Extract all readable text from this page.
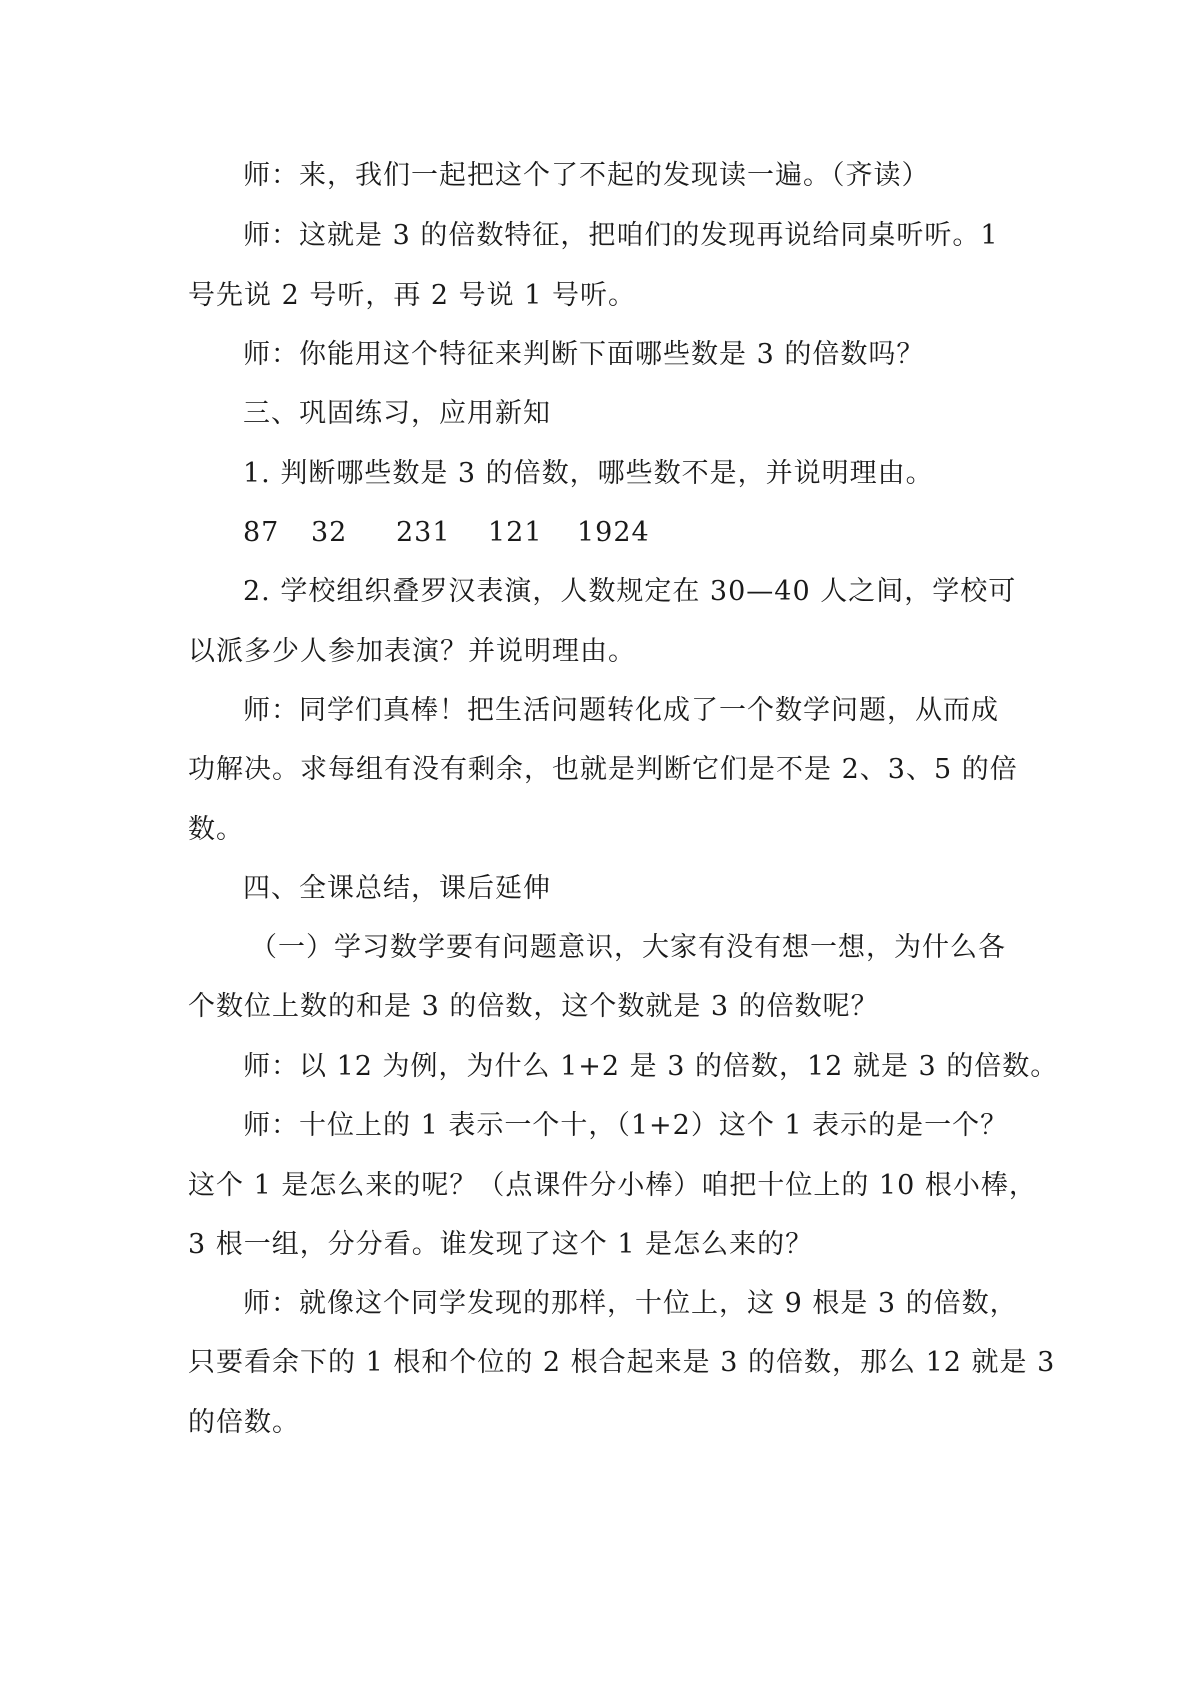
师：来，我们一起把这个了不起的发现读一遍。（齐读）
师：这就是 3 的倍数特征，把咱们的发现再说给同桌听听。1
号先说 2 号听，再 2 号说 1 号听。
师：你能用这个特征来判断下面哪些数是 3 的倍数吗？
三、巩固练习，应用新知
1. 判断哪些数是 3 的倍数，哪些数不是，并说明理由。
87 32 231 121 1924
2. 学校组织叠罗汉表演，人数规定在 30—40 人之间，学校可
以派多少人参加表演？并说明理由。
师：同学们真棒！把生活问题转化成了一个数学问题，从而成
功解决。求每组有没有剩余，也就是判断它们是不是 2、3、5 的倍
数。
四、全课总结，课后延伸
（一）学习数学要有问题意识，大家有没有想一想，为什么各
个数位上数的和是 3 的倍数，这个数就是 3 的倍数呢？
师：以 12 为例，为什么 1+2 是 3 的倍数，12 就是 3 的倍数。
师：十位上的 1 表示一个十，（1+2）这个 1 表示的是一个？
这个 1 是怎么来的呢？（点课件分小棒）咱把十位上的 10 根小棒，
3 根一组，分分看。谁发现了这个 1 是怎么来的？
师：就像这个同学发现的那样，十位上，这 9 根是 3 的倍数，
只要看余下的 1 根和个位的 2 根合起来是 3 的倍数，那么 12 就是 3
的倍数。
